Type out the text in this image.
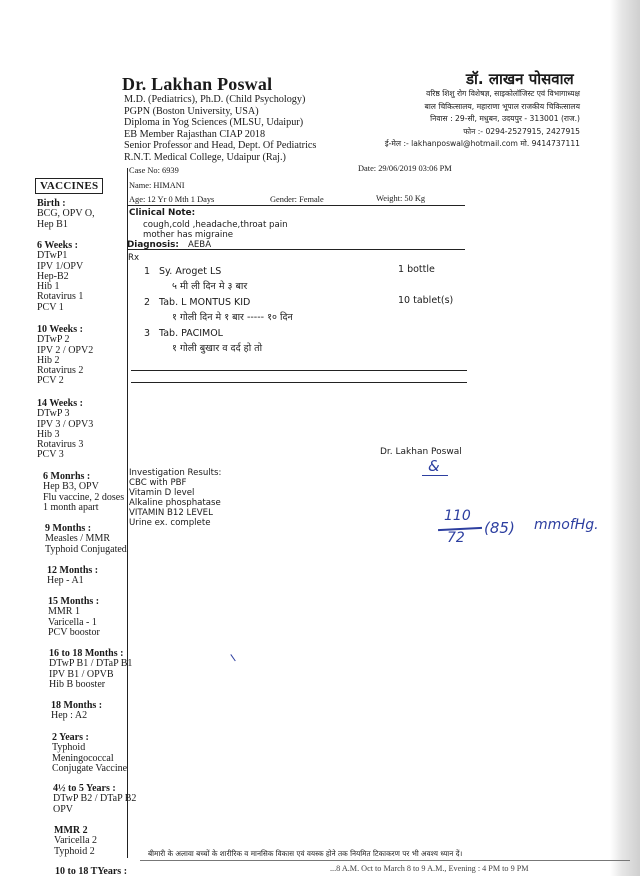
Dr. Lakhan Poswal
M.D. (Pediatrics), Ph.D. (Child Psychology)
PGPN (Boston University, USA)
Diploma in Yog Sciences (MLSU, Udaipur)
EB Member Rajasthan CIAP 2018
Senior Professor and Head, Dept. Of Pediatrics
R.N.T. Medical College, Udaipur (Raj.)
डॉ. लाखन पोसवाल
वरिष्ठ शिशु रोग विशेषज्ञ, साइकोलॉजिस्ट एवं विभागाध्यक्ष
बाल चिकित्सालय, महाराणा भूपाल राजकीय चिकित्सालय
निवास : 29-सी, मधुबन, उदयपुर - 313001 (राज.)
फोन :- 0294-2527915, 2427915
ई-मेल :- lakhanposwal@hotmail.com मो. 9414737111
VACCINES
Birth :
BCG, OPV O,
Hep B1
6 Weeks :
DTwP1
IPV 1/OPV
Hep-B2
Hib 1
Rotavirus 1
PCV 1
10 Weeks :
DTwP 2
IPV 2 / OPV2
Hib 2
Rotavirus 2
PCV 2
14 Weeks :
DTwP 3
IPV 3 / OPV3
Hib 3
Rotavirus 3
PCV 3
6 Monrhs :
Hep B3, OPV
Flu vaccine, 2 doses
1 month apart
9 Months :
Measles / MMR
Typhoid Conjugated
12 Months :
Hep - A1
15 Months :
MMR 1
Varicella - 1
PCV boostor
16 to 18 Months :
DTwP B1 / DTaP B1
IPV B1 / OPVB
Hib B booster
18 Months :
Hep : A2
2 Years :
Typhoid
Meningococcal
Conjugate Vaccine
4½ to 5 Years :
DTwP B2 / DTaP B2
OPV
MMR 2
Varicella 2
Typhoid 2
10 to 18 TYears :
Case No: 6939	Date: 29/06/2019 03:06 PM
Name: HIMANI
Age: 12 Yr 0 Mth 1 Days	Gender: Female	Weight: 50 Kg
Clinical Note:
cough,cold ,headache,throat pain
mother has migraine
Diagnosis: AEBA
Rx
1 Sy. Aroget LS	1 bottle
५ मी ली दिन मे ३ बार
2 Tab. L MONTUS KID	10 tablet(s)
१ गोली दिन मे १ बार ----- १० दिन
3 Tab. PACIMOL
१ गोली बुखार व दर्द हो तो
Dr. Lakhan Poswal
&
Investigation Results:
CBC with PBF
Vitamin D level
Alkaline phosphatase
VITAMIN B12 LEVEL
Urine ex. complete	110
72
(85) mmofHg.
बीमारी के अलावा बच्चों के शारीरिक व मानसिक विकास एवं वयस्क होने तक नियमित टिकाकरण पर भी अवश्य ध्यान दें।
...8 A.M. Oct to March 8 to 9 A.M., Evening : 4 PM to 9 PM
